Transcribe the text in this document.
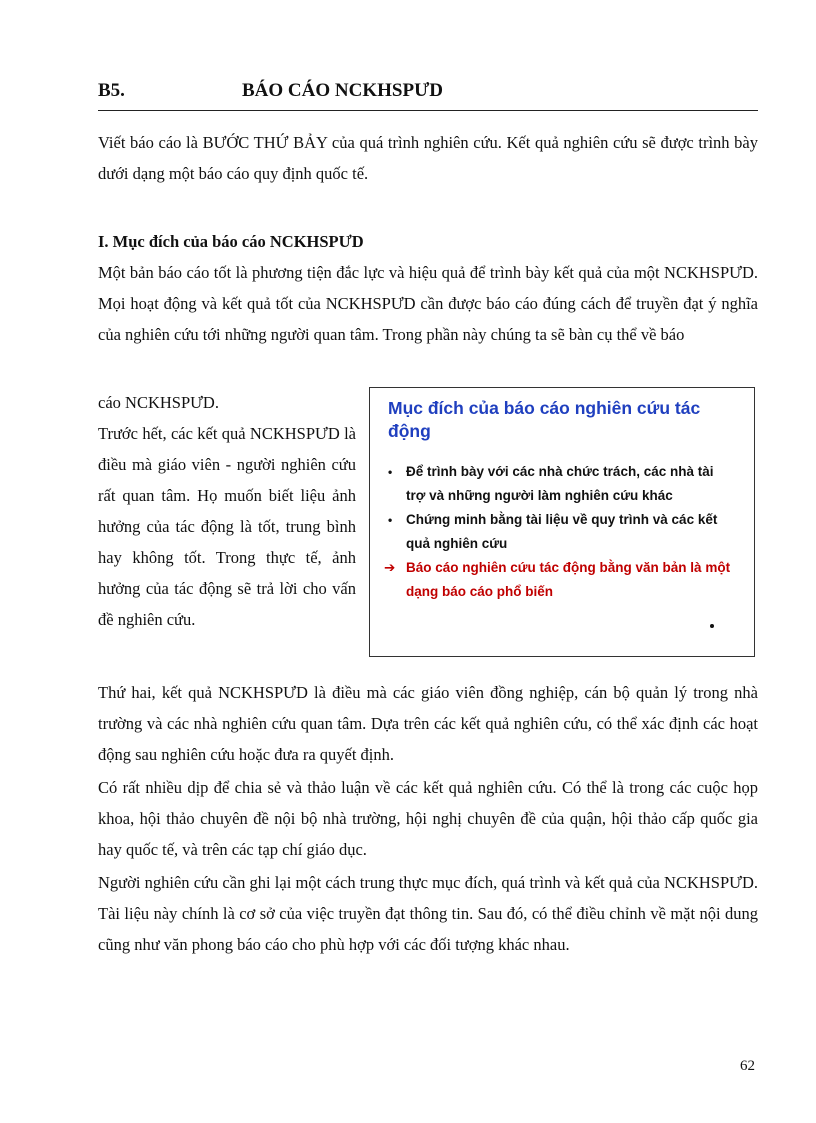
B5.	BÁO CÁO NCKHSPƯD

Viết báo cáo là BƯỚC THỨ BẢY của quá trình nghiên cứu. Kết quả nghiên cứu sẽ được trình bày dưới dạng một báo cáo quy định quốc tế.

I. Mục đích của báo cáo NCKHSPƯD

Một bản báo cáo tốt là phương tiện đắc lực và hiệu quả để trình bày kết quả của một NCKHSPƯD. Mọi hoạt động và kết quả tốt của NCKHSPƯD cần được báo cáo đúng cách để truyền đạt ý nghĩa của nghiên cứu tới những người quan tâm. Trong phần này chúng ta sẽ bàn cụ thể về báo

cáo NCKHSPƯD.

Trước hết, các kết quả NCKHSPƯD là điều mà giáo viên - người nghiên cứu rất quan tâm. Họ muốn biết liệu ảnh hưởng của tác động là tốt, trung bình hay không tốt. Trong thực tế, ảnh hưởng của tác động sẽ trả lời cho vấn đề nghiên cứu.

Mục đích của báo cáo nghiên cứu tác động
• Để trình bày với các nhà chức trách, các nhà tài trợ và những người làm nghiên cứu khác
• Chứng minh bằng tài liệu về quy trình và các kết quả nghiên cứu
➔ Báo cáo nghiên cứu tác động bằng văn bản là một dạng báo cáo phổ biến

Thứ hai, kết quả NCKHSPƯD là điều mà các giáo viên đồng nghiệp, cán bộ quản lý trong nhà trường và các nhà nghiên cứu quan tâm. Dựa trên các kết quả nghiên cứu, có thể xác định các hoạt động sau nghiên cứu hoặc đưa ra quyết định.

Có rất nhiều dịp để chia sẻ và thảo luận về các kết quả nghiên cứu. Có thể là trong các cuộc họp khoa, hội thảo chuyên đề nội bộ nhà trường, hội nghị chuyên đề của quận, hội thảo cấp quốc gia hay quốc tế, và trên các tạp chí giáo dục.

Người nghiên cứu cần ghi lại một cách trung thực mục đích, quá trình và kết quả của NCKHSPƯD. Tài liệu này chính là cơ sở của việc truyền đạt thông tin. Sau đó, có thể điều chỉnh về mặt nội dung cũng như văn phong báo cáo cho phù hợp với các đối tượng khác nhau.

62
